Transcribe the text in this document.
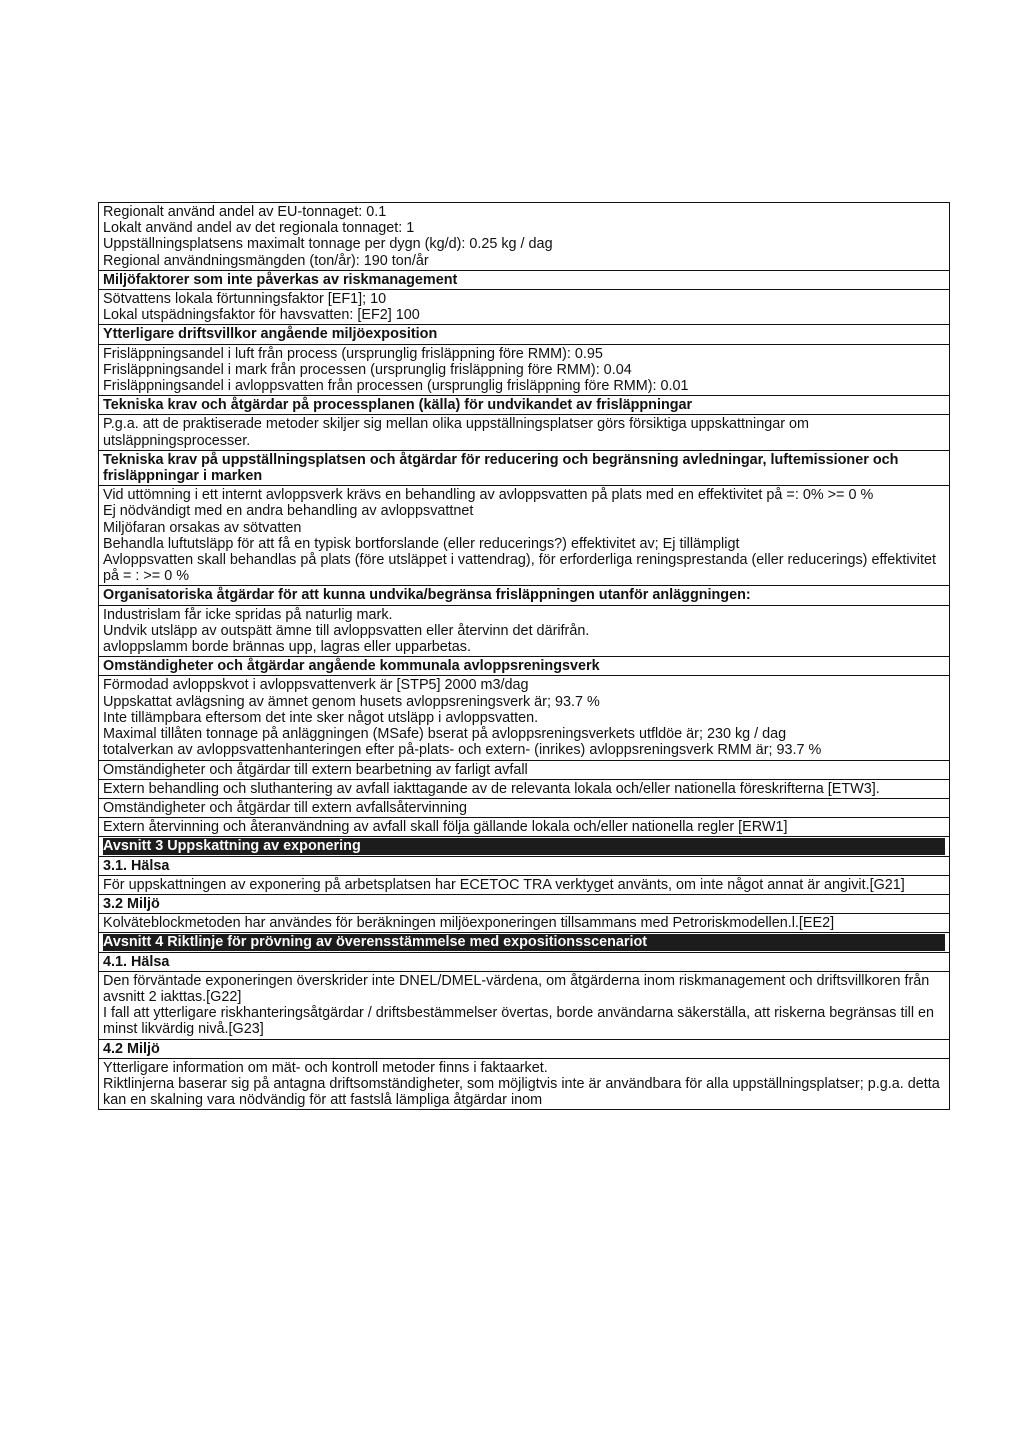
Regionalt använd andel av EU-tonnaget: 0.1
Lokalt använd andel av det regionala tonnaget: 1
Uppställningsplatsens maximalt tonnage per dygn (kg/d): 0.25 kg / dag
Regional användningsmängden (ton/år): 190 ton/år
Miljöfaktorer som inte påverkas av riskmanagement
Sötvattens lokala förtunningsfaktor [EF1]; 10
Lokal utspädningsfaktor för havsvatten: [EF2] 100
Ytterligare driftsvillkor angående miljöexposition
Frisläppningsandel i luft från process (ursprunglig frisläppning före RMM): 0.95
Frisläppningsandel i mark från processen (ursprunglig frisläppning före RMM): 0.04
Frisläppningsandel i avloppsvatten från processen (ursprunglig frisläppning före RMM): 0.01
Tekniska krav och åtgärdar på processplanen (källa) för undvikandet av frisläppningar
P.g.a. att de praktiserade metoder skiljer sig mellan olika uppställningsplatser görs försiktiga uppskattningar om utsläppningsprocesser.
Tekniska krav på uppställningsplatsen och åtgärdar för reducering och begränsning avledningar, luftemissioner och frisläppningar i marken
Vid uttömning i ett internt avloppsverk krävs en behandling av avloppsvatten på plats med en effektivitet på =: 0% >= 0 %
Ej nödvändigt med en andra behandling av avloppsvattnet
Miljöfaran orsakas av sötvatten
Behandla luftutsläpp för att få en typisk bortforslande (eller reducerings?) effektivitet av; Ej tillämpligt
Avloppsvatten skall behandlas på plats (före utsläppet i vattendrag), för erforderliga reningsprestanda (eller reducerings) effektivitet på = : >= 0 %
Organisatoriska åtgärdar för att kunna undvika/begränsa frisläppningen utanför anläggningen:
Industrislam får icke spridas på naturlig mark.
Undvik utsläpp av outspätt ämne till avloppsvatten eller återvinn det därifrån.
avloppslamm borde brännas upp, lagras eller upparbetas.
Omständigheter och åtgärdar angående kommunala avloppsreningsverk
Förmodad avloppskvot i avloppsvattenverk är [STP5] 2000 m3/dag
Uppskattat avlägsning av ämnet genom husets avloppsreningsverk är; 93.7 %
Inte tillämpbara eftersom det inte sker något utsläpp i avloppsvatten.
Maximal tillåten tonnage på anläggningen (MSafe) bserat på avloppsreningsverkets utfldöe är; 230 kg / dag
totalverkan av avloppsvattenhanteringen efter på-plats- och extern- (inrikes) avloppsreningsverk RMM är; 93.7 %
Omständigheter och åtgärdar till extern bearbetning av farligt avfall
Extern behandling och sluthantering av avfall iakttagande av de relevanta lokala och/eller nationella föreskrifterna [ETW3].
Omständigheter och åtgärdar till extern avfallsåtervinning
Extern återvinning och återanvändning av avfall skall följa gällande lokala och/eller nationella regler [ERW1]
Avsnitt 3 Uppskattning av exponering
3.1. Hälsa
För uppskattningen av exponering på arbetsplatsen har ECETOC TRA verktyget använts, om inte något annat är angivit.[G21]
3.2 Miljö
Kolväteblockmetoden har användes för beräkningen miljöexponeringen tillsammans med Petroriskmodellen.l.[EE2]
Avsnitt 4 Riktlinje för prövning av överensstämmelse med expositionsscenariot
4.1. Hälsa
Den förväntade exponeringen överskrider inte DNEL/DMEL-värdena, om åtgärderna inom riskmanagement och driftsvillkoren från avsnitt 2 iakttas.[G22]
I fall att ytterligare riskhanteringsåtgärdar / driftsbestämmelser övertas, borde användarna säkerställa, att riskerna begränsas till en minst likvärdig nivå.[G23]
4.2 Miljö
Ytterligare information om mät- och kontroll metoder finns i faktaarket.
Riktlinjerna baserar sig på antagna driftsomständigheter, som möjligtvis inte är användbara för alla uppställningsplatser; p.g.a. detta kan en skalning vara nödvändig för att fastslå lämpliga åtgärdar inom
